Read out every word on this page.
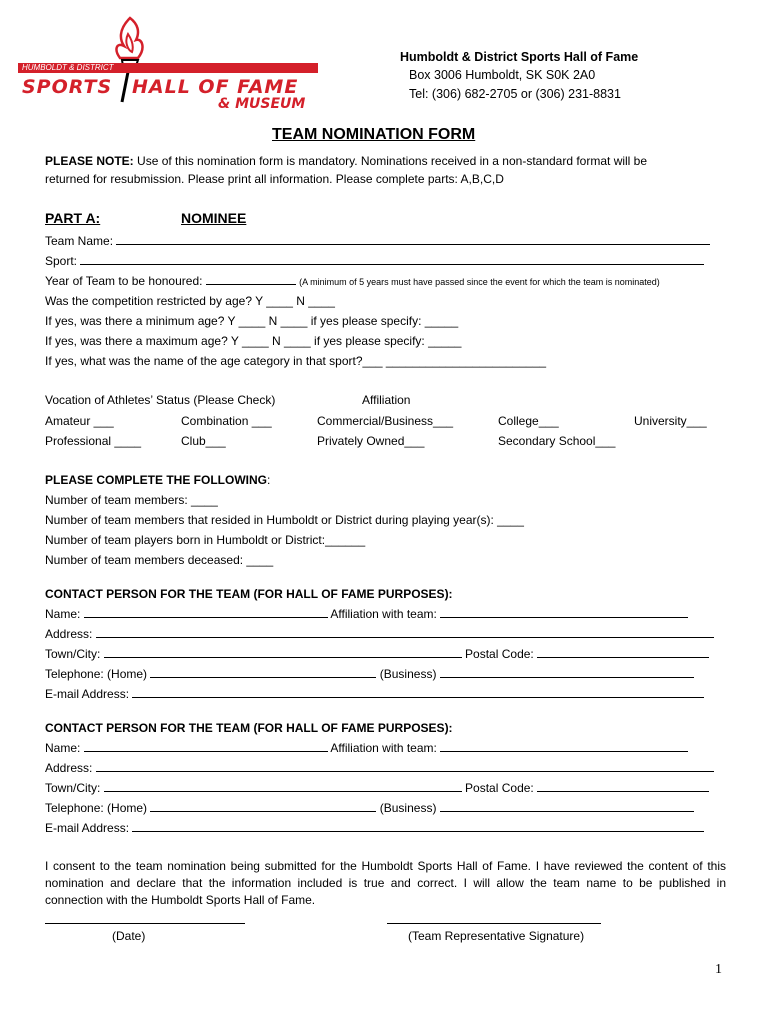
HUMBOLDT & DISTRICT
SPORTS HALL OF FAME
& MUSEUM
Humboldt & District Sports Hall of Fame
Box 3006 Humboldt, SK S0K 2A0
Tel: (306) 682-2705 or (306) 231-8831
TEAM NOMINATION FORM
PLEASE NOTE: Use of this nomination form is mandatory. Nominations received in a non-standard format will be
returned for resubmission. Please print all information. Please complete parts: A,B,C,D
PART A:	NOMINEE
Team Name:
Sport:
Year of Team to be honoured:	(A minimum of 5 years must have passed since the event for which the team is nominated)
Was the competition restricted by age? Y ____ N ____
If yes, was there a minimum age? Y ____ N ____ if yes please specify: _____
If yes, was there a maximum age? Y ____ N ____ if yes please specify: _____
If yes, what was the name of the age category in that sport?___ ________________________
Vocation of Athletes’ Status (Please Check)	Affiliation
Amateur ___	Combination ___	Commercial/Business___	College___	University___
Professional ____	Club___	Privately Owned___	Secondary School___
PLEASE COMPLETE THE FOLLOWING:
Number of team members: ____
Number of team members that resided in Humboldt or District during playing year(s): ____
Number of team players born in Humboldt or District:______
Number of team members deceased: ____
CONTACT PERSON FOR THE TEAM (FOR HALL OF FAME PURPOSES):
Name:	Affiliation with team:
Address:
Town/City:	Postal Code:
Telephone: (Home)	(Business)
E-mail Address:
CONTACT PERSON FOR THE TEAM (FOR HALL OF FAME PURPOSES):
Name:	Affiliation with team:
Address:
Town/City:	Postal Code:
Telephone: (Home)	(Business)
E-mail Address:
I consent to the team nomination being submitted for the Humboldt Sports Hall of Fame. I have reviewed the content of this nomination and declare that the information included is true and correct. I will allow the team name to be published in connection with the Humboldt Sports Hall of Fame.
(Date)	(Team Representative Signature)
1
